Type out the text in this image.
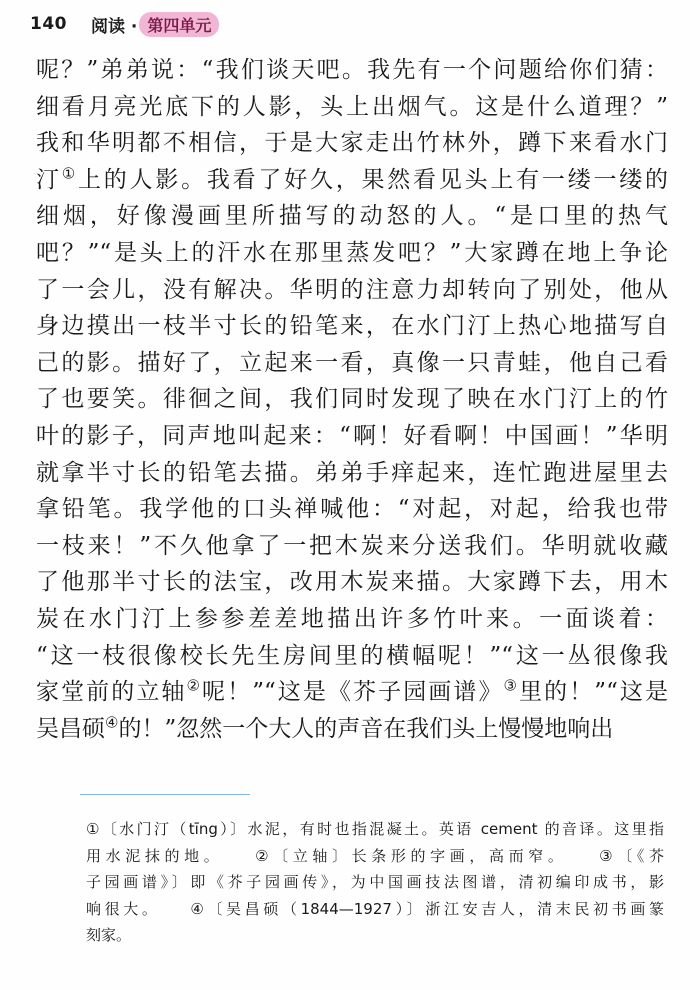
140 阅读 · 第四单元
呢？”弟弟说：“我们谈天吧。我先有一个问题给你们猜：
细看月亮光底下的人影，头上出烟气。这是什么道理？”
我和华明都不相信，于是大家走出竹林外，蹲下来看水门
汀①上的人影。我看了好久，果然看见头上有一缕一缕的
细烟，好像漫画里所描写的动怒的人。“是口里的热气
吧？”“是头上的汗水在那里蒸发吧？”大家蹲在地上争论
了一会儿，没有解决。华明的注意力却转向了别处，他从
身边摸出一枝半寸长的铅笔来，在水门汀上热心地描写自
己的影。描好了，立起来一看，真像一只青蛙，他自己看
了也要笑。徘徊之间，我们同时发现了映在水门汀上的竹
叶的影子，同声地叫起来：“啊！好看啊！中国画！”华明
就拿半寸长的铅笔去描。弟弟手痒起来，连忙跑进屋里去
拿铅笔。我学他的口头禅喊他：“对起，对起，给我也带
一枝来！”不久他拿了一把木炭来分送我们。华明就收藏
了他那半寸长的法宝，改用木炭来描。大家蹲下去，用木
炭在水门汀上参参差差地描出许多竹叶来。一面谈着：
“这一枝很像校长先生房间里的横幅呢！”“这一丛很像我
家堂前的立轴②呢！”“这是《芥子园画谱》③里的！”“这是
吴昌硕④的！”忽然一个大人的声音在我们头上慢慢地响出
①〔水门汀（tīng）〕水泥，有时也指混凝土。英语 cement 的音译。这里指
用水泥抹的地。　　②〔立轴〕长条形的字画，高而窄。　　③〔《芥
子园画谱》〕即《芥子园画传》，为中国画技法图谱，清初编印成书，影
响很大。　　④〔吴昌硕（1844—1927）〕浙江安吉人，清末民初书画篆
刻家。
